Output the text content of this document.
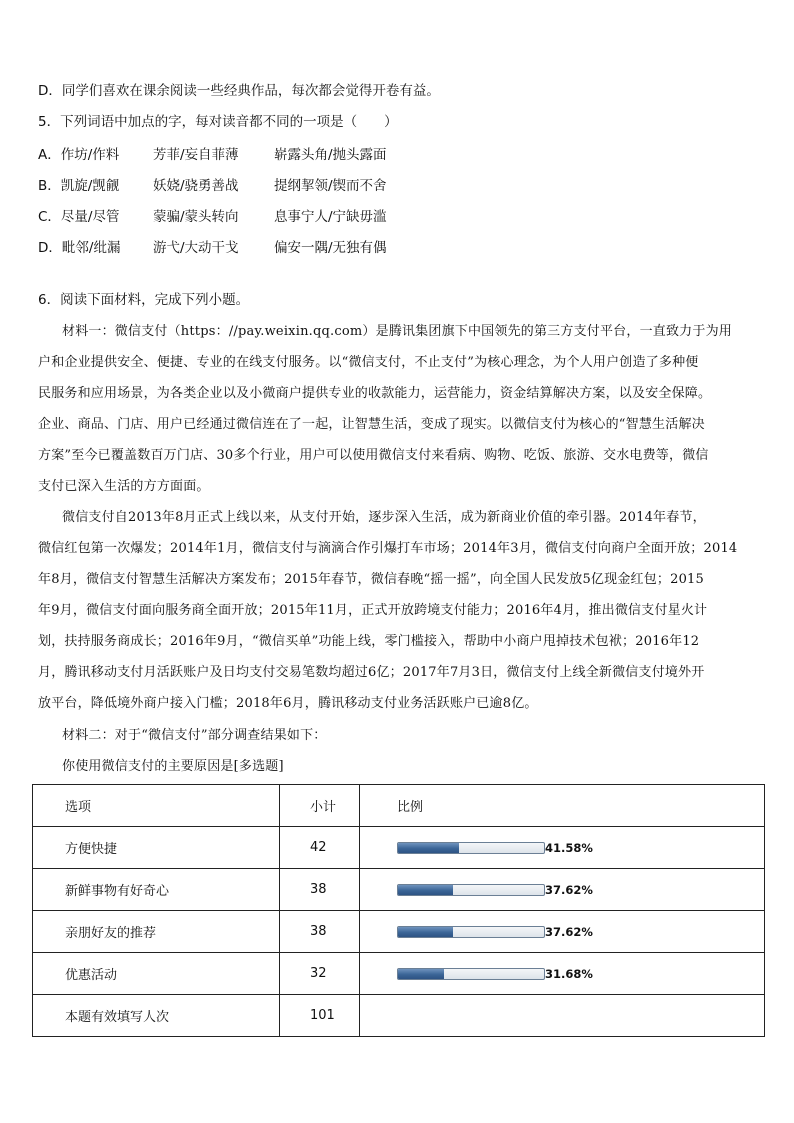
D．同学们喜欢在课余阅读一些经典作品，每次都会觉得开卷有益。
5．下列词语中加点的字，每对读音都不同的一项是（　　）
A．作坊/作料 芳菲/妄自菲薄	崭露头角/抛头露面
B．凯旋/觊觎 妖娆/骁勇善战	提纲挈领/锲而不舍
C．尽量/尽管 蒙骗/蒙头转向	息事宁人/宁缺毋滥
D．毗邻/纰漏 游弋/大动干戈	偏安一隅/无独有偶
6．阅读下面材料，完成下列小题。
材料一：微信支付（https：//pay.weixin.qq.com）是腾讯集团旗下中国领先的第三方支付平台，一直致力于为用
户和企业提供安全、便捷、专业的在线支付服务。以“微信支付，不止支付”为核心理念，为个人用户创造了多种便
民服务和应用场景，为各类企业以及小微商户提供专业的收款能力，运营能力，资金结算解决方案，以及安全保障。
企业、商品、门店、用户已经通过微信连在了一起，让智慧生活，变成了现实。以微信支付为核心的“智慧生活解决
方案”至今已覆盖数百万门店、30多个行业，用户可以使用微信支付来看病、购物、吃饭、旅游、交水电费等，微信
支付已深入生活的方方面面。
微信支付自2013年8月正式上线以来，从支付开始，逐步深入生活，成为新商业价值的牵引器。2014年春节，
微信红包第一次爆发；2014年1月，微信支付与滴滴合作引爆打车市场；2014年3月，微信支付向商户全面开放；2014
年8月，微信支付智慧生活解决方案发布；2015年春节，微信春晚“摇一摇”，向全国人民发放5亿现金红包；2015
年9月，微信支付面向服务商全面开放；2015年11月，正式开放跨境支付能力；2016年4月，推出微信支付星火计
划，扶持服务商成长；2016年9月，“微信买单”功能上线，零门槛接入，帮助中小商户甩掉技术包袱；2016年12
月，腾讯移动支付月活跃账户及日均支付交易笔数均超过6亿；2017年7月3日，微信支付上线全新微信支付境外开
放平台，降低境外商户接入门槛；2018年6月，腾讯移动支付业务活跃账户已逾8亿。
材料二：对于“微信支付”部分调查结果如下：
你使用微信支付的主要原因是[多选题]
选项	小计	比例
方便快捷	42	41.58%

新鲜事物有好奇心	38	37.62%

亲朋好友的推荐	38	37.62%

优惠活动	32	31.68%

本题有效填写人次	101	
